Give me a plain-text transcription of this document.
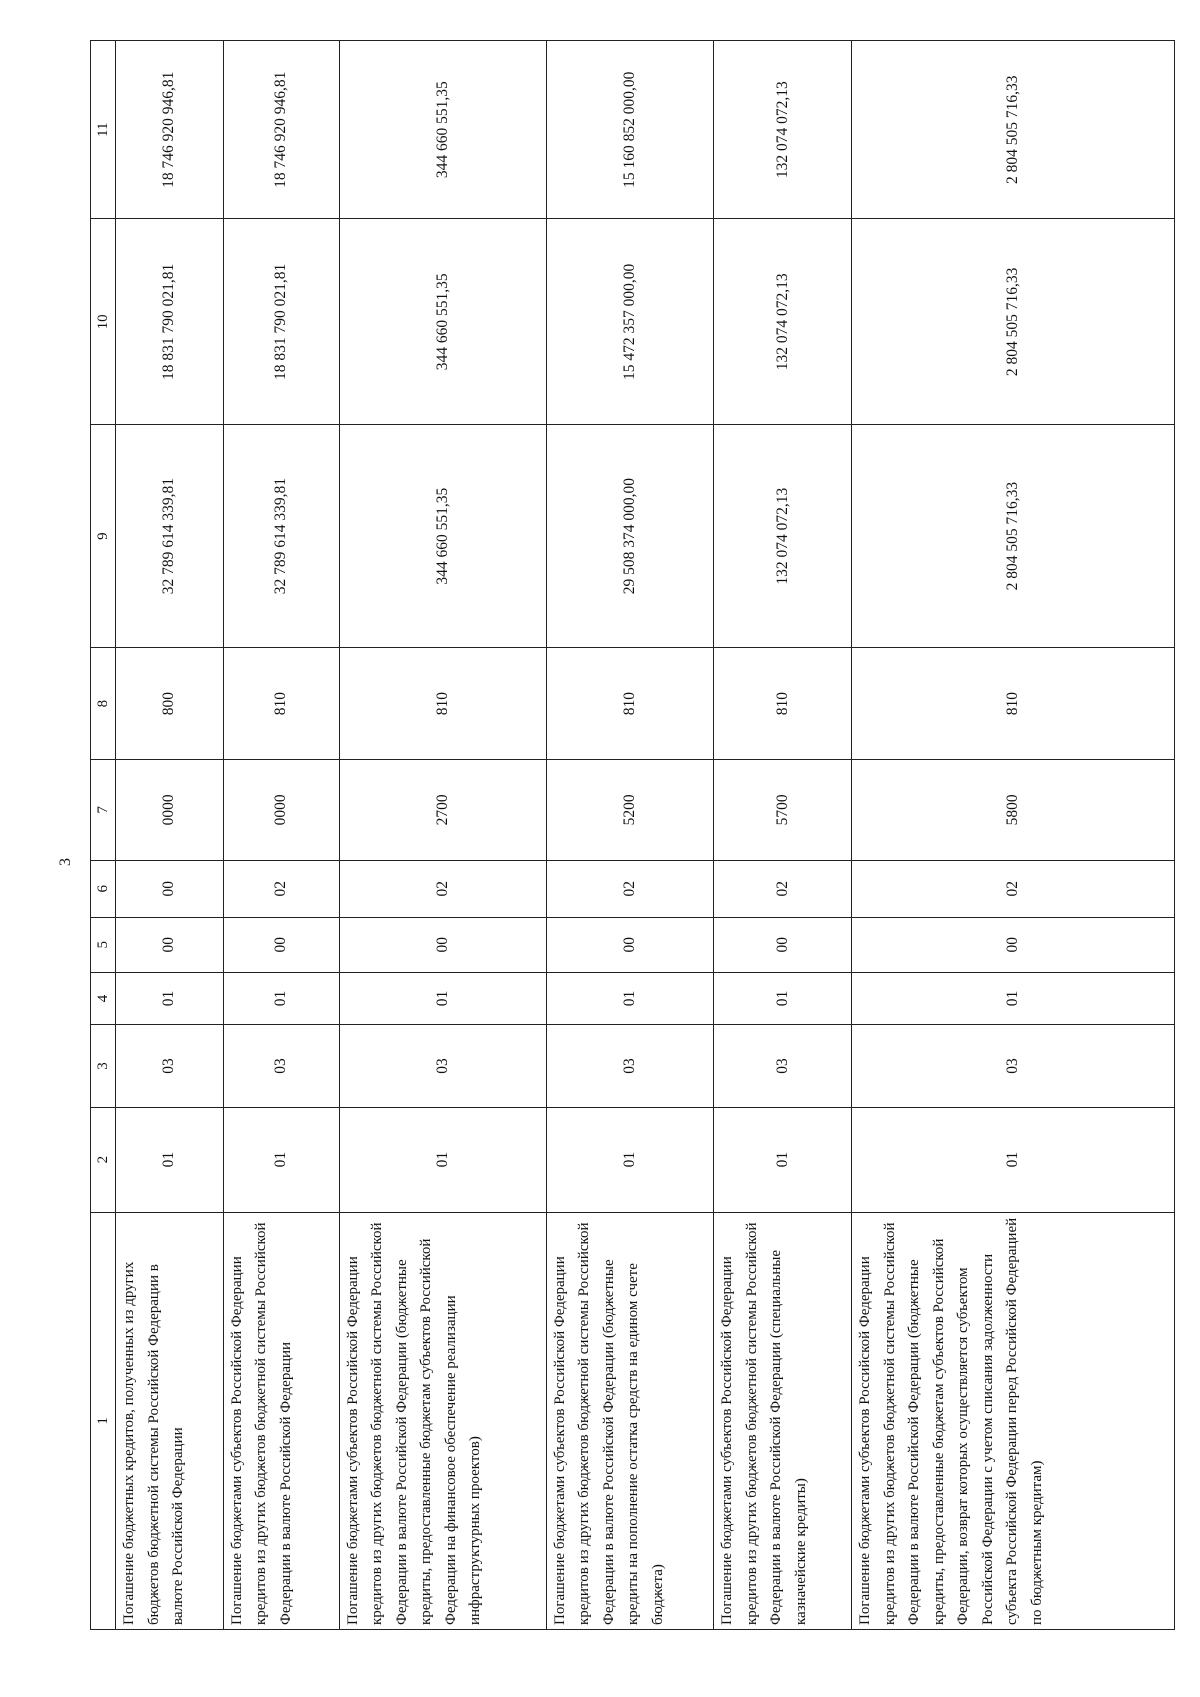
3
1	2	3	4	5	6	7	8	9	10	11
Погашение бюджетных кредитов, полученных из других бюджетов бюджетной системы Российской Федерации в валюте Российской Федерации	01	03	01	00	00	0000	800	32 789 614 339,81	18 831 790 021,81	18 746 920 946,81
Погашение бюджетами субъектов Российской Федерации кредитов из других бюджетов бюджетной системы Российской Федерации в валюте Российской Федерации	01	03	01	00	02	0000	810	32 789 614 339,81	18 831 790 021,81	18 746 920 946,81
Погашение бюджетами субъектов Российской Федерации кредитов из других бюджетов бюджетной системы Российской Федерации в валюте Российской Федерации (бюджетные кредиты, предоставленные бюджетам субъектов Российской Федерации на финансовое обеспечение реализации инфраструктурных проектов)	01	03	01	00	02	2700	810	344 660 551,35	344 660 551,35	344 660 551,35
Погашение бюджетами субъектов Российской Федерации кредитов из других бюджетов бюджетной системы Российской Федерации в валюте Российской Федерации (бюджетные кредиты на пополнение остатка средств на едином счете бюджета)	01	03	01	00	02	5200	810	29 508 374 000,00	15 472 357 000,00	15 160 852 000,00
Погашение бюджетами субъектов Российской Федерации кредитов из других бюджетов бюджетной системы Российской Федерации в валюте Российской Федерации (специальные казначейские кредиты)	01	03	01	00	02	5700	810	132 074 072,13	132 074 072,13	132 074 072,13
Погашение бюджетами субъектов Российской Федерации кредитов из других бюджетов бюджетной системы Российской Федерации в валюте Российской Федерации (бюджетные кредиты, предоставленные бюджетам субъектов Российской Федерации, возврат которых осуществляется субъектом Российской Федерации с учетом списания задолженности субъекта Российской Федерации перед Российской Федерацией по бюджетным кредитам)	01	03	01	00	02	5800	810	2 804 505 716,33	2 804 505 716,33	2 804 505 716,33
